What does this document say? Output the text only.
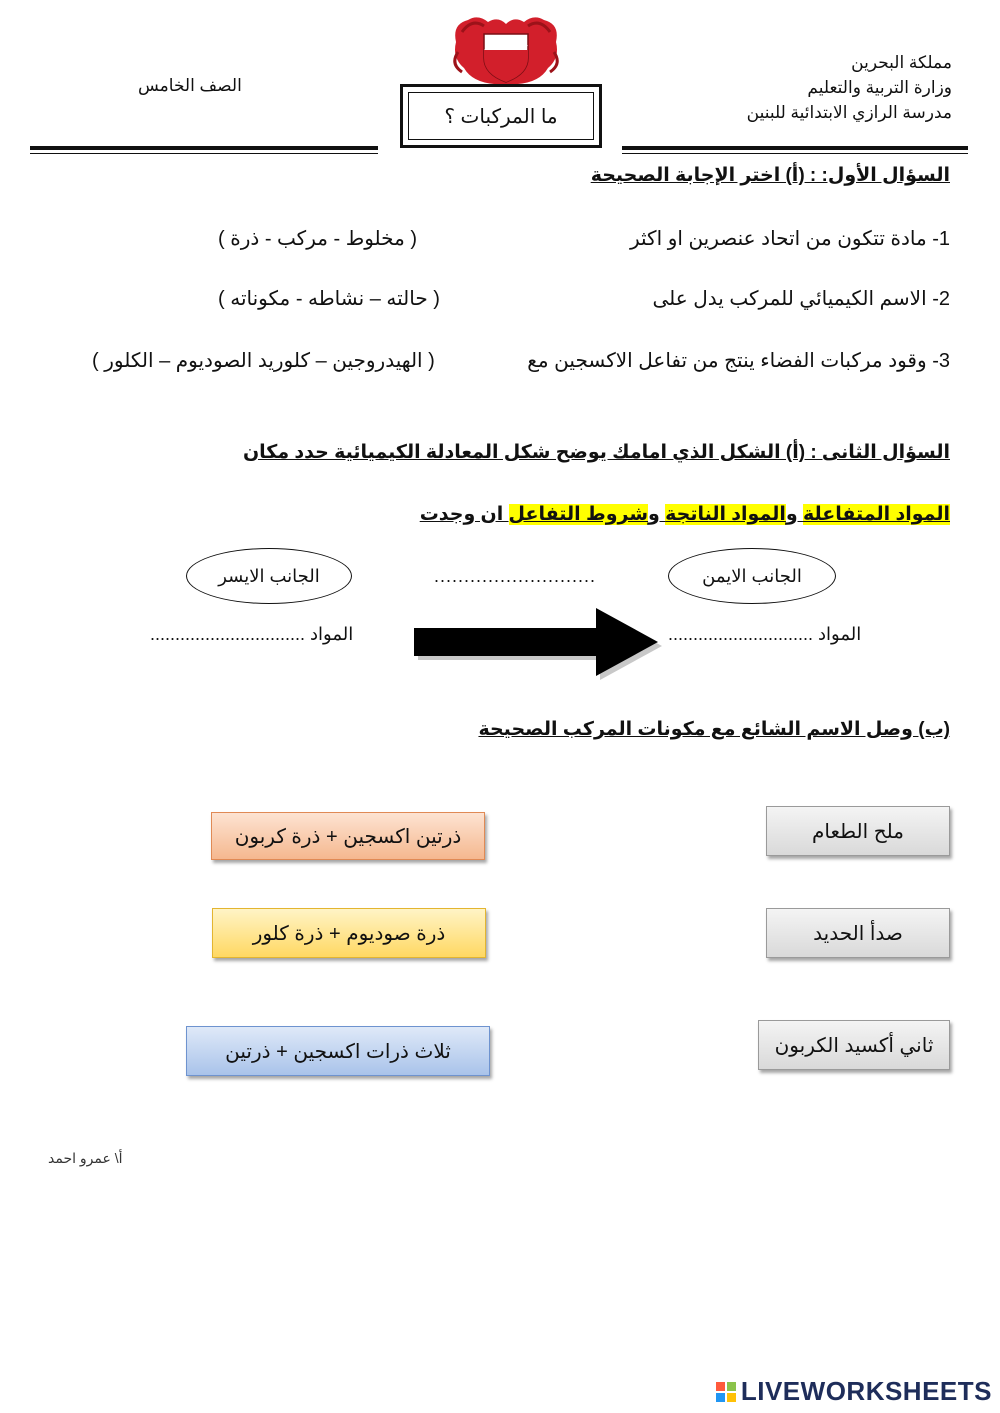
مملكة البحرين
وزارة التربية والتعليم
مدرسة الرازي الابتدائية للبنين
الصف الخامس
ما المركبات ؟
السؤال الأول: : (أ) اختر الإجابة الصحيحة
1- مادة تتكون من اتحاد عنصرين او اكثر
( مخلوط - مركب - ذرة )
2- الاسم الكيميائي للمركب يدل على
( حالته – نشاطه - مكوناته )
3- وقود مركبات الفضاء ينتج من تفاعل الاكسجين مع
( الهيدروجين – كلوريد الصوديوم – الكلور )
السؤال الثانى : (أ) الشكل الذي امامك يوضح شكل المعادلة الكيميائية حدد مكان
المواد المتفاعلة والمواد الناتجة وشروط التفاعل ان وجدت
الجانب الايمن
الجانب الايسر	...........................
المواد .............................
المواد ...............................
(ب) وصل الاسم الشائع مع مكونات المركب الصحيحة
ملح الطعام
صدأ الحديد
ثاني أكسيد الكربون
ذرتين اكسجين + ذرة كربون
ذرة صوديوم + ذرة كلور
ثلاث ذرات اكسجين + ذرتين
أ\ عمرو احمد
LIVEWORKSHEETS
